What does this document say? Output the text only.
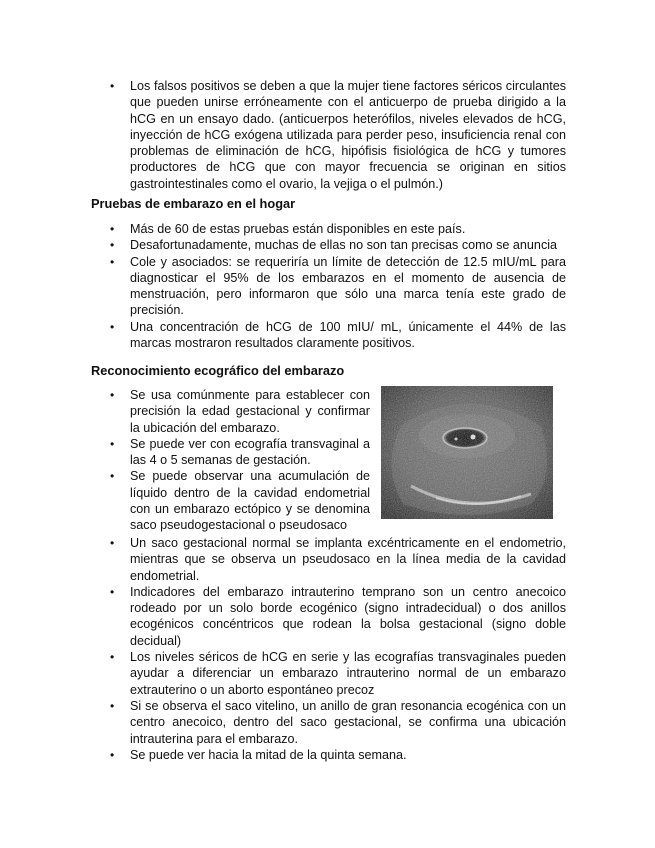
•	Los falsos positivos se deben a que la mujer tiene factores séricos circulantes que pueden unirse erróneamente con el anticuerpo de prueba dirigido a la hCG en un ensayo dado. (anticuerpos heterófilos, niveles elevados de hCG, inyección de hCG exógena utilizada para perder peso, insuficiencia renal con problemas de eliminación de hCG, hipófisis fisiológica de hCG y tumores productores de hCG que con mayor frecuencia se originan en sitios gastrointestinales como el ovario, la vejiga o el pulmón.)
Pruebas de embarazo en el hogar
•	Más de 60 de estas pruebas están disponibles en este país.
•	Desafortunadamente, muchas de ellas no son tan precisas como se anuncia
•	Cole y asociados: se requeriría un límite de detección de 12.5 mIU/mL para diagnosticar el 95% de los embarazos en el momento de ausencia de menstruación, pero informaron que sólo una marca tenía este grado de precisión.
•	Una concentración de hCG de 100 mIU/ mL, únicamente el 44% de las marcas mostraron resultados claramente positivos.
Reconocimiento ecográfico del embarazo
•	Se usa comúnmente para establecer con precisión la edad gestacional y confirmar la ubicación del embarazo.
•	Se puede ver con ecografía transvaginal a las 4 o 5 semanas de gestación.
•	Se puede observar una acumulación de líquido dentro de la cavidad endometrial con un embarazo ectópico y se denomina saco pseudogestacional o pseudosaco
•	Un saco gestacional normal se implanta excéntricamente en el endometrio, mientras que se observa un pseudosaco en la línea media de la cavidad endometrial.
•	Indicadores del embarazo intrauterino temprano son un centro anecoico rodeado por un solo borde ecogénico (signo intradecidual) o dos anillos ecogénicos concéntricos que rodean la bolsa gestacional (signo doble decidual)
•	Los niveles séricos de hCG en serie y las ecografías transvaginales pueden ayudar a diferenciar un embarazo intrauterino normal de un embarazo extrauterino o un aborto espontáneo precoz
•	Si se observa el saco vitelino, un anillo de gran resonancia ecogénica con un centro anecoico, dentro del saco gestacional, se confirma una ubicación intrauterina para el embarazo.
•	Se puede ver hacia la mitad de la quinta semana.
